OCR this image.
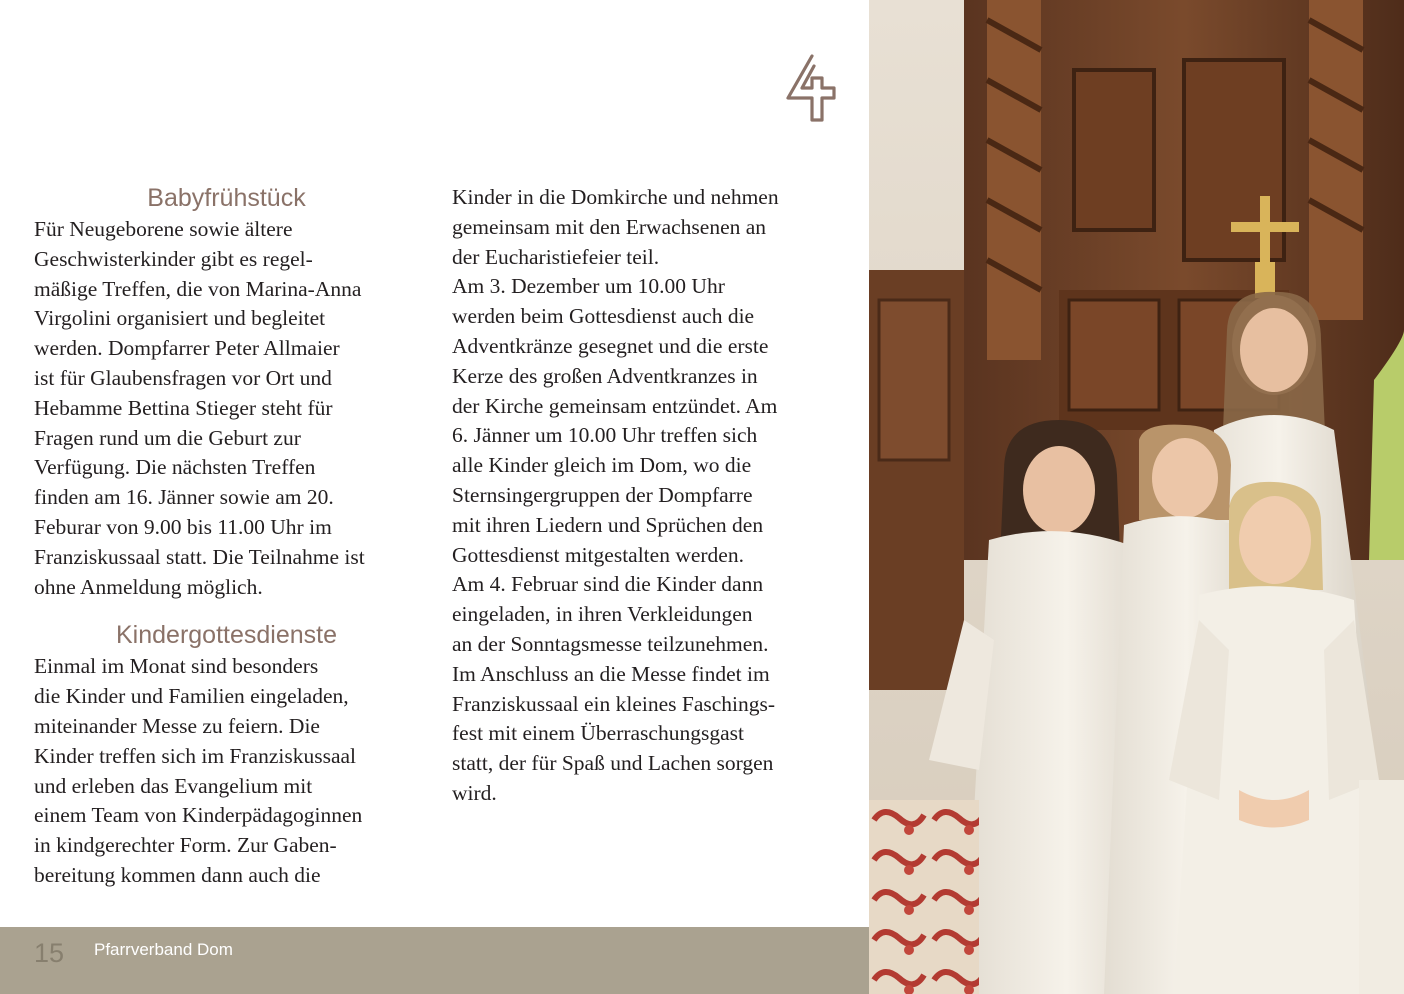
Babyfrühstück

Für Neugeborene sowie ältere
Geschwisterkinder gibt es regel-
mäßige Treffen, die von Marina-Anna
Virgolini organisiert und begleitet
werden. Dompfarrer Peter Allmaier
ist für Glaubensfragen vor Ort und
Hebamme Bettina Stieger steht für
Fragen rund um die Geburt zur
Verfügung. Die nächsten Treffen
finden am 16. Jänner sowie am 20.
Feburar von 9.00 bis 11.00 Uhr im
Franziskussaal statt. Die Teilnahme ist
ohne Anmeldung möglich.

Kindergottesdienste

Einmal im Monat sind besonders
die Kinder und Familien eingeladen,
miteinander Messe zu feiern. Die
Kinder treffen sich im Franziskussaal
und erleben das Evangelium mit
einem Team von Kinderpädagoginnen
in kindgerechter Form. Zur Gaben-
bereitung kommen dann auch die

Kinder in die Domkirche und nehmen
gemeinsam mit den Erwachsenen an
der Eucharistiefeier teil.
Am 3. Dezember um 10.00 Uhr
werden beim Gottesdienst auch die
Adventkränze gesegnet und die erste
Kerze des großen Adventkranzes in
der Kirche gemeinsam entzündet. Am
6. Jänner um 10.00 Uhr treffen sich
alle Kinder gleich im Dom, wo die
Sternsingergruppen der Dompfarre
mit ihren Liedern und Sprüchen den
Gottesdienst mitgestalten werden.
Am 4. Februar sind die Kinder dann
eingeladen, in ihren Verkleidungen
an der Sonntagsmesse teilzunehmen.
Im Anschluss an die Messe findet im
Franziskussaal ein kleines Faschings-
fest mit einem Überraschungsgast
statt, der für Spaß und Lachen sorgen
wird.

15 Pfarrverband Dom
